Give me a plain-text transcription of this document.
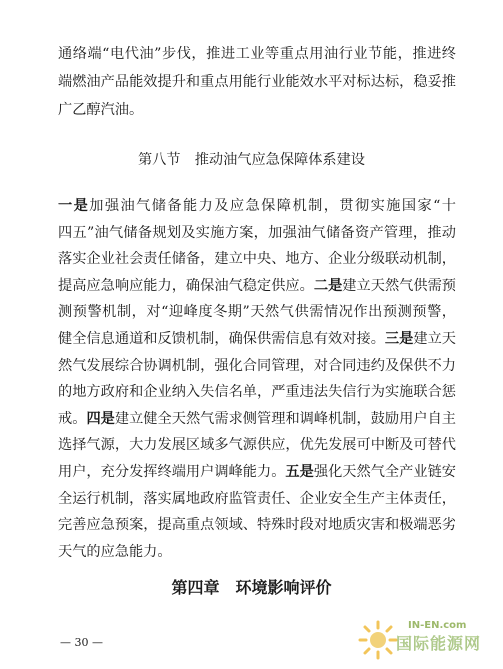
通络端“电代油”步伐，推进工业等重点用油行业节能，推进终
端燃油产品能效提升和重点用能行业能效水平对标达标，稳妥推
广乙醇汽油。
第八节　推动油气应急保障体系建设
一是加强油气储备能力及应急保障机制，贯彻实施国家“十
四五”油气储备规划及实施方案，加强油气储备资产管理，推动
落实企业社会责任储备，建立中央、地方、企业分级联动机制，
提高应急响应能力，确保油气稳定供应。二是建立天然气供需预
测预警机制，对“迎峰度冬期”天然气供需情况作出预测预警，
健全信息通道和反馈机制，确保供需信息有效对接。三是建立天
然气发展综合协调机制，强化合同管理，对合同违约及保供不力
的地方政府和企业纳入失信名单，严重违法失信行为实施联合惩
戒。四是建立健全天然气需求侧管理和调峰机制，鼓励用户自主
选择气源，大力发展区域多气源供应，优先发展可中断及可替代
用户，充分发挥终端用户调峰能力。五是强化天然气全产业链安
全运行机制，落实属地政府监管责任、企业安全生产主体责任，
完善应急预案，提高重点领域、特殊时段对地质灾害和极端恶劣
天气的应急能力。
第四章　环境影响评价
— 30 —
IN-EN.com
国际能源网
